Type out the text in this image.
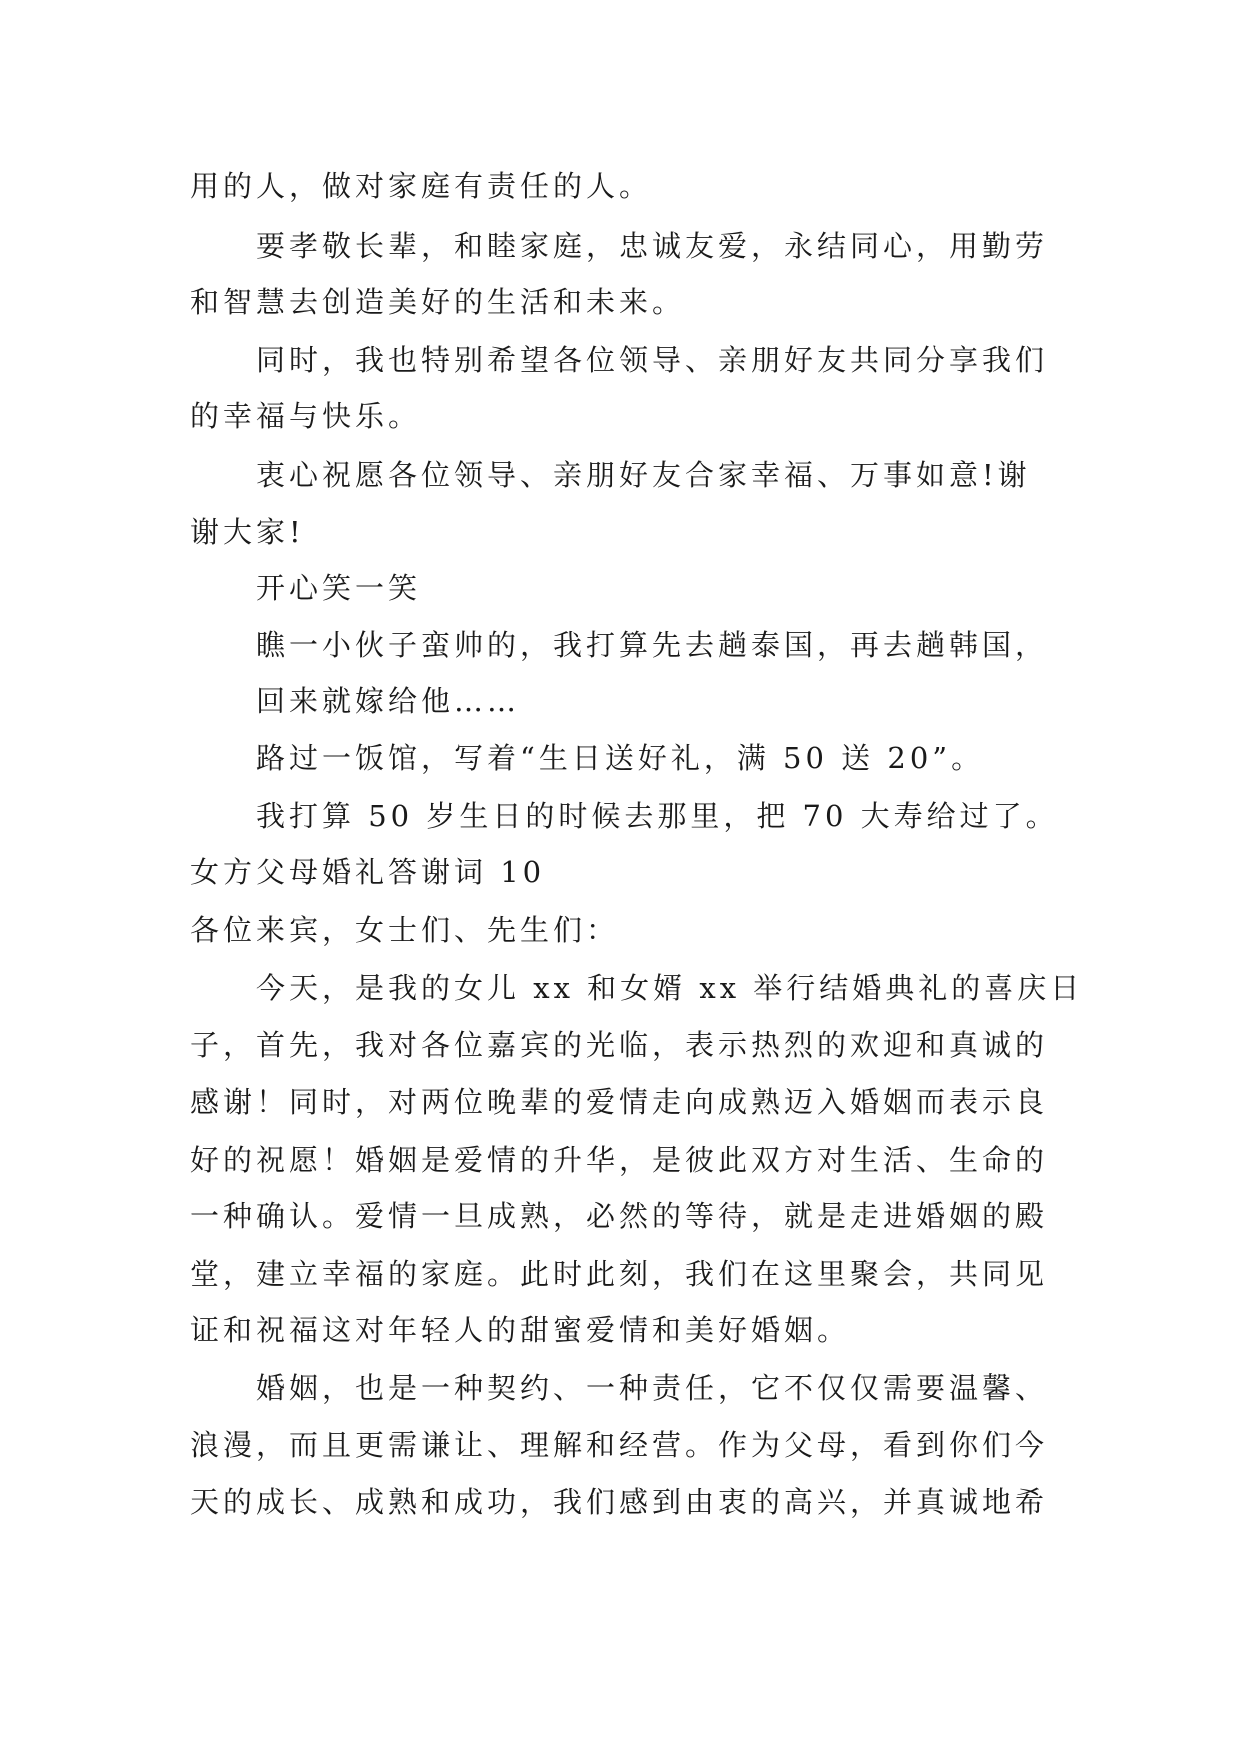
用的人，做对家庭有责任的人。
要孝敬长辈，和睦家庭，忠诚友爱，永结同心，用勤劳
和智慧去创造美好的生活和未来。
同时，我也特别希望各位领导、亲朋好友共同分享我们
的幸福与快乐。
衷心祝愿各位领导、亲朋好友合家幸福、万事如意!谢
谢大家!
开心笑一笑
瞧一小伙子蛮帅的，我打算先去趟泰国，再去趟韩国，
回来就嫁给他……
路过一饭馆，写着“生日送好礼，满 50 送 20”。
我打算 50 岁生日的时候去那里，把 70 大寿给过了。
女方父母婚礼答谢词 10
各位来宾，女士们、先生们：
今天，是我的女儿 xx 和女婿 xx 举行结婚典礼的喜庆日
子，首先，我对各位嘉宾的光临，表示热烈的欢迎和真诚的
感谢！同时，对两位晚辈的爱情走向成熟迈入婚姻而表示良
好的祝愿！婚姻是爱情的升华，是彼此双方对生活、生命的
一种确认。爱情一旦成熟，必然的等待，就是走进婚姻的殿
堂，建立幸福的家庭。此时此刻，我们在这里聚会，共同见
证和祝福这对年轻人的甜蜜爱情和美好婚姻。
婚姻，也是一种契约、一种责任，它不仅仅需要温馨、
浪漫，而且更需谦让、理解和经营。作为父母，看到你们今
天的成长、成熟和成功，我们感到由衷的高兴，并真诚地希
